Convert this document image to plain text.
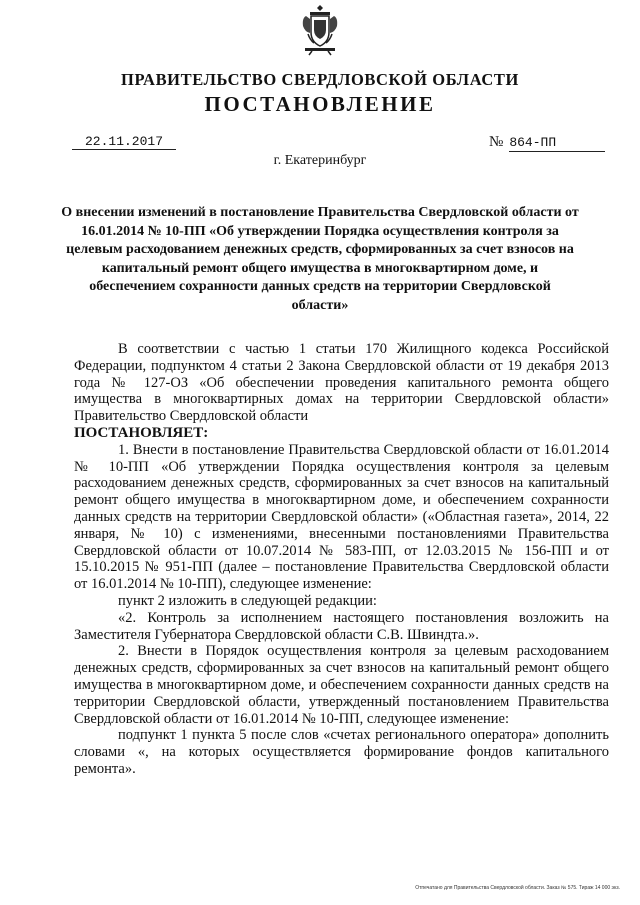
ПРАВИТЕЛЬСТВО СВЕРДЛОВСКОЙ ОБЛАСТИ
ПОСТАНОВЛЕНИЕ
22.11.2017	№ 864-ПП
г. Екатеринбург
О внесении изменений в постановление Правительства Свердловской области от 16.01.2014 № 10-ПП «Об утверждении Порядка осуществления контроля за целевым расходованием денежных средств, сформированных за счет взносов на капитальный ремонт общего имущества в многоквартирном доме, и обеспечением сохранности данных средств на территории Свердловской области»

В соответствии с частью 1 статьи 170 Жилищного кодекса Российской Федерации, подпунктом 4 статьи 2 Закона Свердловской области от 19 декабря 2013 года № 127-ОЗ «Об обеспечении проведения капитального ремонта общего имущества в многоквартирных домах на территории Свердловской области» Правительство Свердловской области

ПОСТАНОВЛЯЕТ:

1. Внести в постановление Правительства Свердловской области от 16.01.2014 № 10-ПП «Об утверждении Порядка осуществления контроля за целевым расходованием денежных средств, сформированных за счет взносов на капитальный ремонт общего имущества в многоквартирном доме, и обеспечением сохранности данных средств на территории Свердловской области» («Областная газета», 2014, 22 января, № 10) с изменениями, внесенными постановлениями Правительства Свердловской области от 10.07.2014 № 583-ПП, от 12.03.2015 № 156-ПП и от 15.10.2015 № 951-ПП (далее – постановление Правительства Свердловской области от 16.01.2014 № 10-ПП), следующее изменение:

пункт 2 изложить в следующей редакции:

«2. Контроль за исполнением настоящего постановления возложить на Заместителя Губернатора Свердловской области С.В. Швиндта.».

2. Внести в Порядок осуществления контроля за целевым расходованием денежных средств, сформированных за счет взносов на капитальный ремонт общего имущества в многоквартирном доме, и обеспечением сохранности данных средств на территории Свердловской области, утвержденный постановлением Правительства Свердловской области от 16.01.2014 № 10-ПП, следующее изменение:

подпункт 1 пункта 5 после слов «счетах регионального оператора» дополнить словами «, на которых осуществляется формирование фондов капитального ремонта».

Отпечатано для Правительства Свердловской области. Заказ № 575. Тираж 14 000 экз.
